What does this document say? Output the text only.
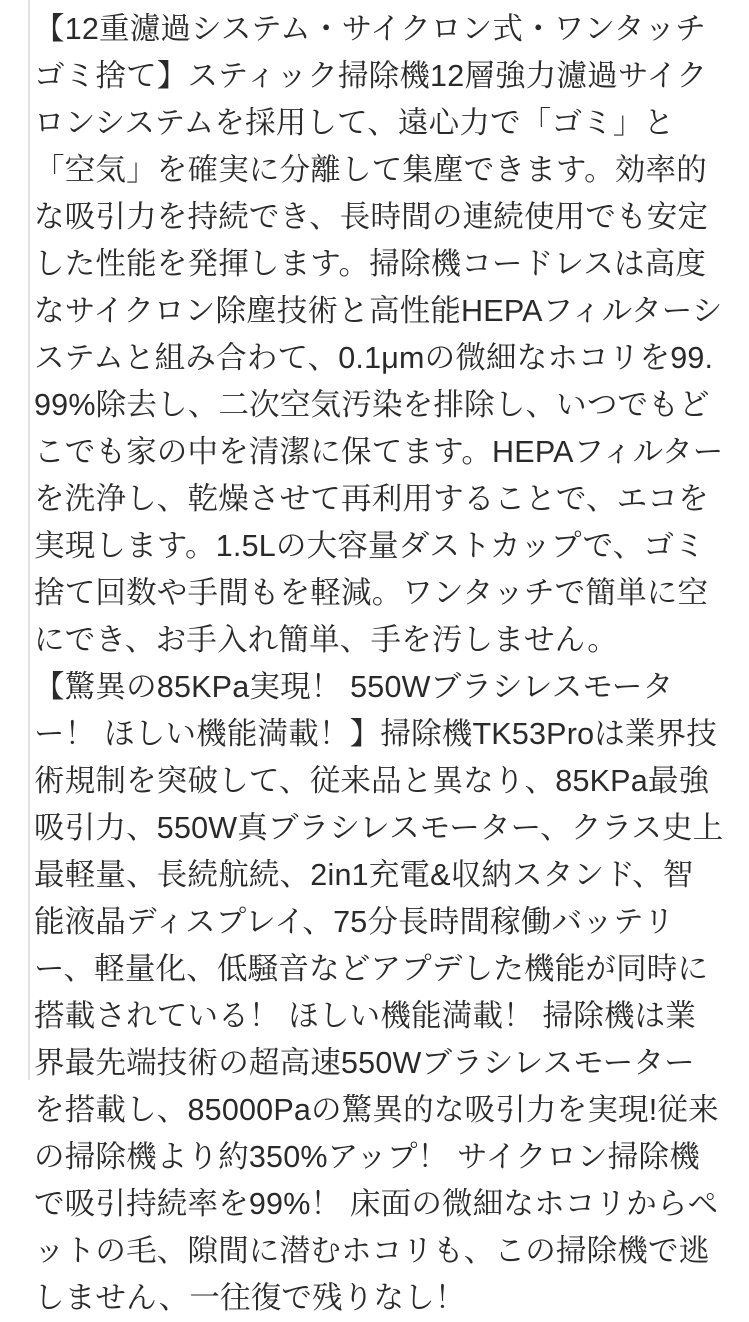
【12重濾過システム・サイクロン式・ワンタッチゴミ捨て】スティック掃除機12層強力濾過サイクロンシステムを採用して、遠心力で「ゴミ」と「空気」を確実に分離して集塵できます。効率的な吸引力を持続でき、長時間の連続使用でも安定した性能を発揮します。掃除機コードレスは高度なサイクロン除塵技術と高性能HEPAフィルターシステムと組み合わて、0.1μmの微細なホコリを99.99%除去し、二次空気汚染を排除し、いつでもどこでも家の中を清潔に保てます。HEPAフィルターを洗浄し、乾燥させて再利用することで、エコを実現します。1.5Lの大容量ダストカップで、ゴミ捨て回数や手間もを軽減。ワンタッチで簡単に空にでき、お手入れ簡単、手を汚しません。

【驚異の85KPa実現！ 550Wブラシレスモーター！ ほしい機能満載！】掃除機TK53Proは業界技術規制を突破して、従来品と異なり、85KPa最強吸引力、550W真ブラシレスモーター、クラス史上最軽量、長続航続、2in1充電&収納スタンド、智能液晶ディスプレイ、75分長時間稼働バッテリー、軽量化、低騒音などアプデした機能が同時に搭載されている！ ほしい機能満載！ 掃除機は業界最先端技術の超高速550Wブラシレスモーターを搭載し、85000Paの驚異的な吸引力を実現!従来の掃除機より約350%アップ！ サイクロン掃除機で吸引持続率を99%！ 床面の微細なホコリからペットの毛、隙間に潜むホコリも、この掃除機で逃しません、一往復で残りなし！
